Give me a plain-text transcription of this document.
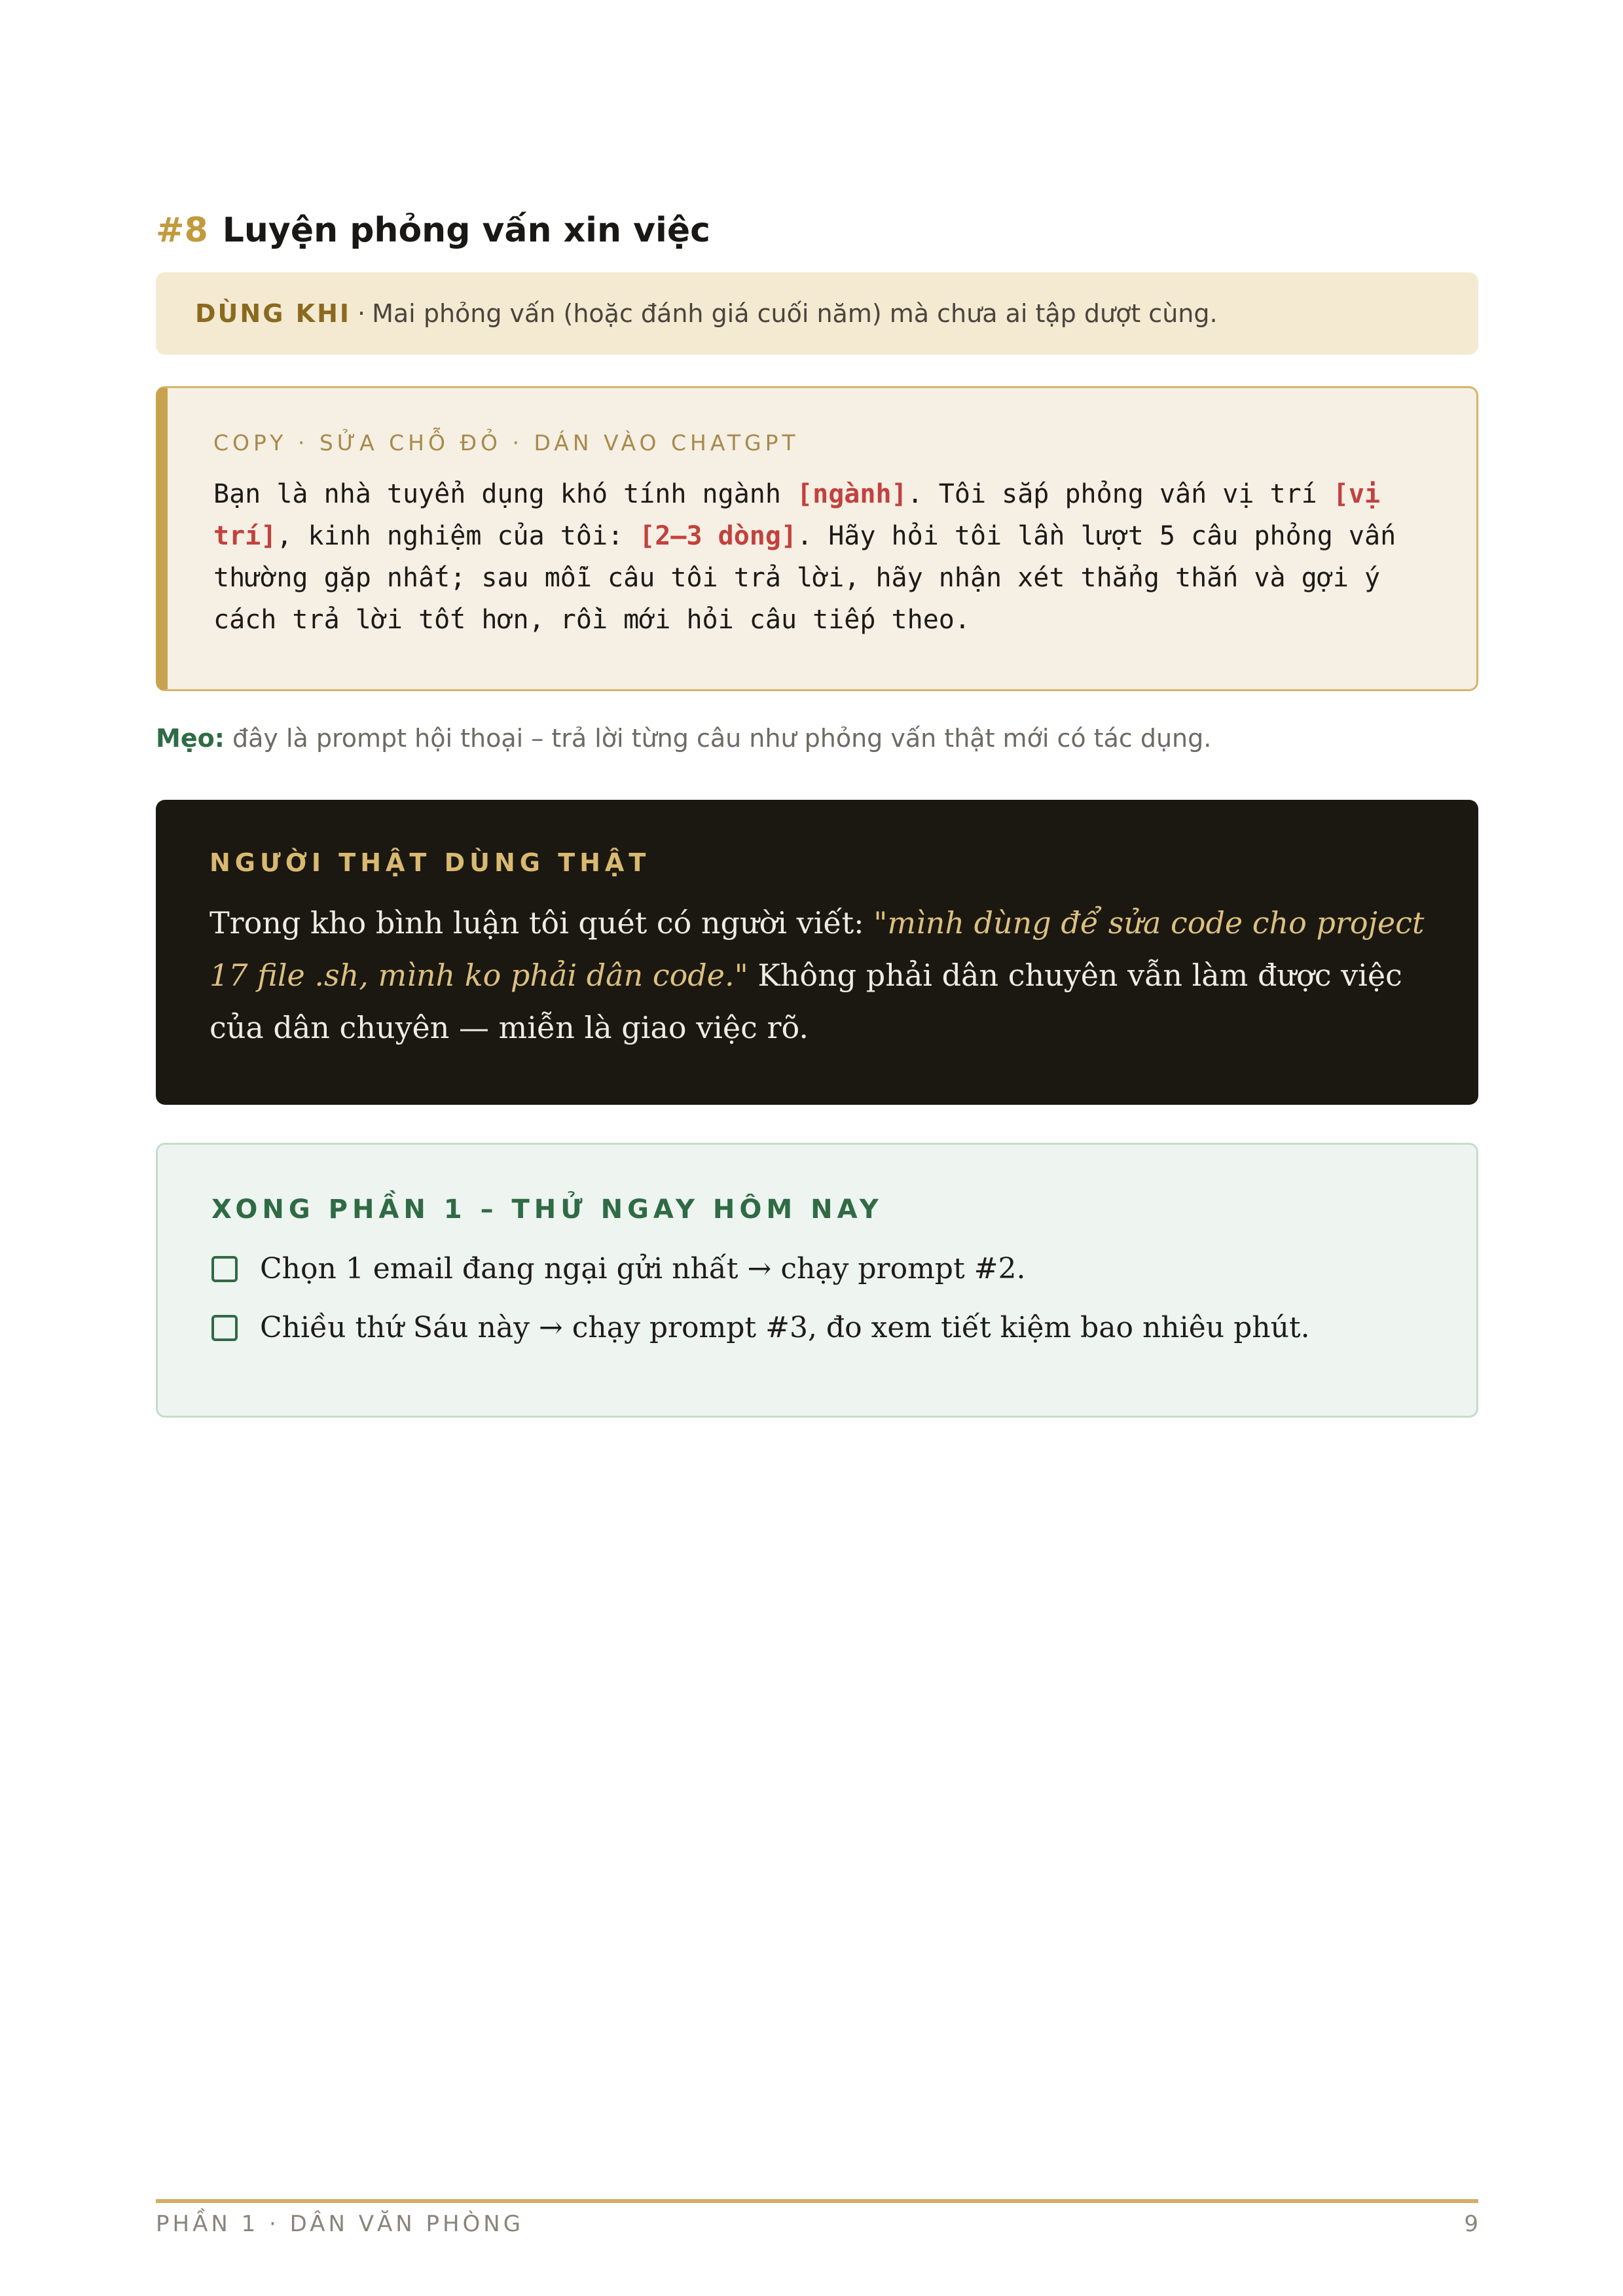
#8 Luyện phỏng vấn xin việc
DÙNG KHI · Mai phỏng vấn (hoặc đánh giá cuối năm) mà chưa ai tập dượt cùng.
COPY · SỬA CHỖ ĐỎ · DÁN VÀO CHATGPT
Bạn là nhà tuyển dụng khó tính ngành [ngành]. Tôi sắp phỏng vấn vị trí [vị trí], kinh nghiệm của tôi: [2–3 dòng]. Hãy hỏi tôi lần lượt 5 câu phỏng vấn thường gặp nhất; sau mỗi câu tôi trả lời, hãy nhận xét thẳng thắn và gợi ý cách trả lời tốt hơn, rồi mới hỏi câu tiếp theo.
Mẹo: đây là prompt hội thoại – trả lời từng câu như phỏng vấn thật mới có tác dụng.
NGƯỜI THẬT DÙNG THẬT
Trong kho bình luận tôi quét có người viết: "mình dùng để sửa code cho project 17 file .sh, mình ko phải dân code." Không phải dân chuyên vẫn làm được việc của dân chuyên — miễn là giao việc rõ.
XONG PHẦN 1 – THỬ NGAY HÔM NAY
Chọn 1 email đang ngại gửi nhất → chạy prompt #2.
Chiều thứ Sáu này → chạy prompt #3, đo xem tiết kiệm bao nhiêu phút.
PHẦN 1 · DÂN VĂN PHÒNG	9
